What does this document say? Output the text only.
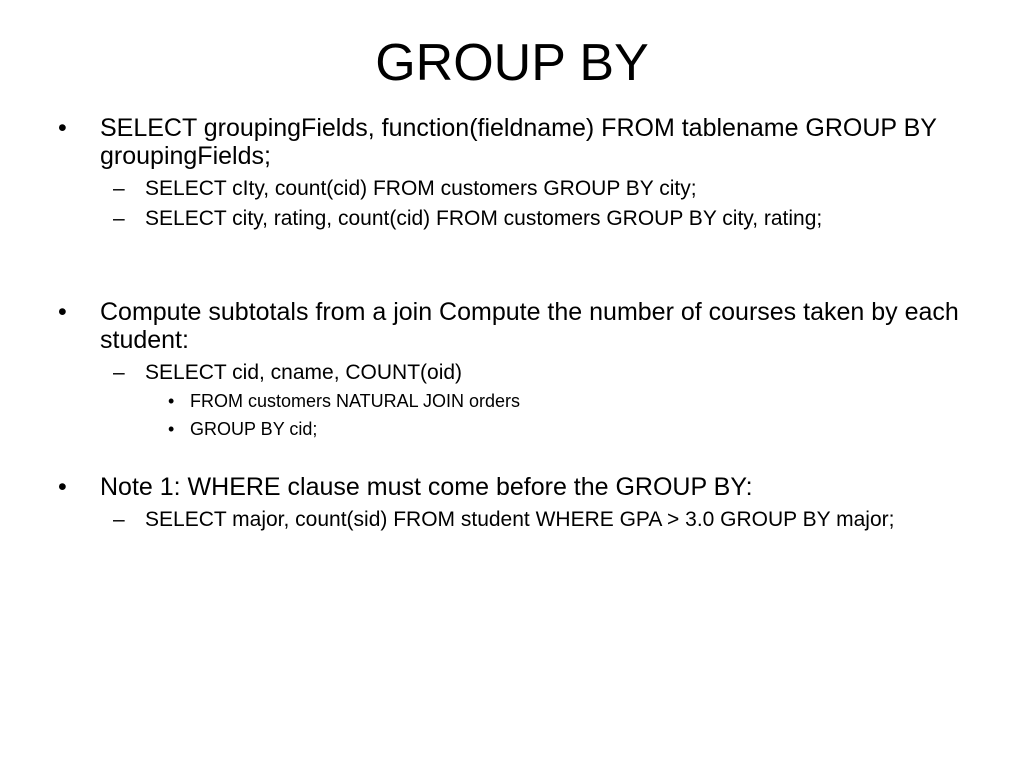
GROUP BY
• SELECT groupingFields, function(fieldname) FROM tablename GROUP BY groupingFields;
– SELECT cIty, count(cid) FROM customers GROUP BY city;
– SELECT city, rating, count(cid) FROM customers GROUP BY city, rating;
• Compute subtotals from a join Compute the number of courses taken by each student:
– SELECT cid, cname, COUNT(oid)
• FROM customers NATURAL JOIN orders
• GROUP BY cid;
• Note 1: WHERE clause must come before the GROUP BY:
– SELECT major, count(sid) FROM student WHERE GPA > 3.0 GROUP BY major;
